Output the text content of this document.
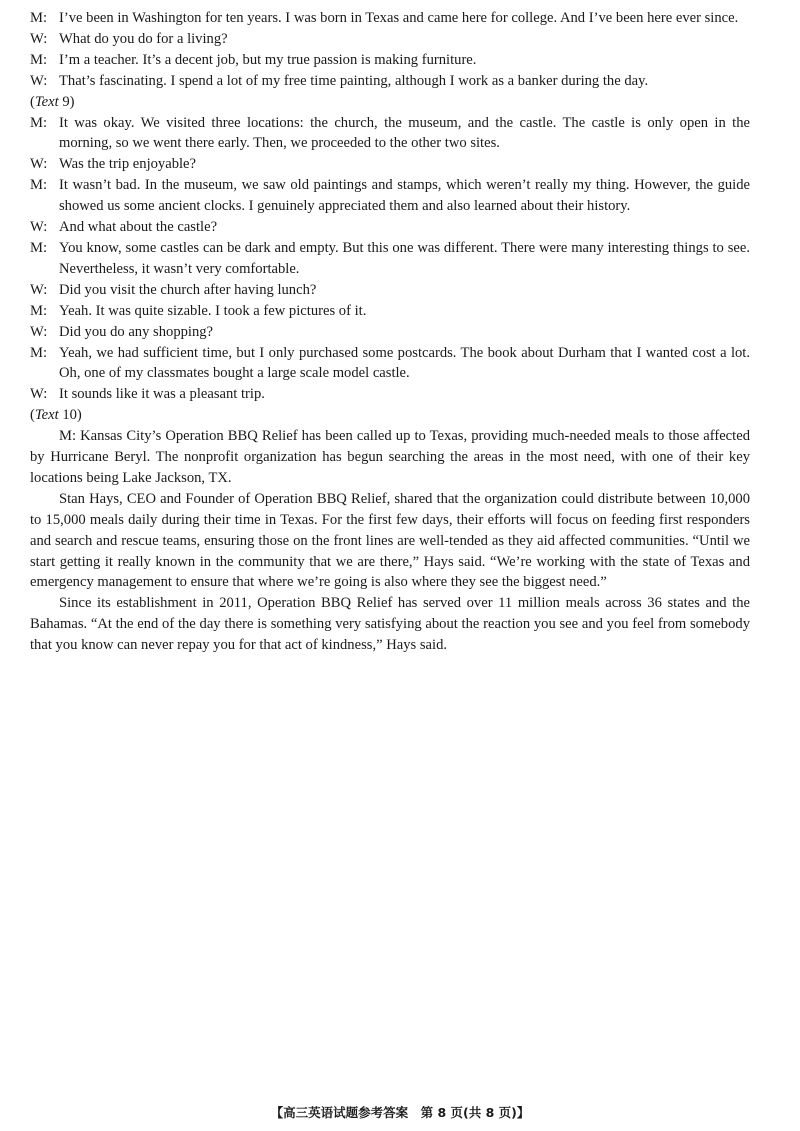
M: I’ve been in Washington for ten years. I was born in Texas and came here for college. And I’ve been here ever since.

W: What do you do for a living?

M: I’m a teacher. It’s a decent job, but my true passion is making furniture.

W: That’s fascinating. I spend a lot of my free time painting, although I work as a banker during the day.

(Text 9)

M: It was okay. We visited three locations: the church, the museum, and the castle. The castle is only open in the morning, so we went there early. Then, we proceeded to the other two sites.

W: Was the trip enjoyable?

M: It wasn’t bad. In the museum, we saw old paintings and stamps, which weren’t really my thing. However, the guide showed us some ancient clocks. I genuinely appreciated them and also learned about their history.

W: And what about the castle?

M: You know, some castles can be dark and empty. But this one was different. There were many interesting things to see. Nevertheless, it wasn’t very comfortable.

W: Did you visit the church after having lunch?

M: Yeah. It was quite sizable. I took a few pictures of it.

W: Did you do any shopping?

M: Yeah, we had sufficient time, but I only purchased some postcards. The book about Durham that I wanted cost a lot. Oh, one of my classmates bought a large scale model castle.

W: It sounds like it was a pleasant trip.

(Text 10)

M: Kansas City’s Operation BBQ Relief has been called up to Texas, providing much-needed meals to those affected by Hurricane Beryl. The nonprofit organization has begun searching the areas in the most need, with one of their key locations being Lake Jackson, TX.

Stan Hays, CEO and Founder of Operation BBQ Relief, shared that the organization could distribute between 10,000 to 15,000 meals daily during their time in Texas. For the first few days, their efforts will focus on feeding first responders and search and rescue teams, ensuring those on the front lines are well-tended as they aid affected communities. “Until we start getting it really known in the community that we are there,” Hays said. “We’re working with the state of Texas and emergency management to ensure that where we’re going is also where they see the biggest need.”

Since its establishment in 2011, Operation BBQ Relief has served over 11 million meals across 36 states and the Bahamas. “At the end of the day there is something very satisfying about the reaction you see and you feel from somebody that you know can never repay you for that act of kindness,” Hays said.

【高三英语试题参考答案　第 8 页(共 8 页)】
